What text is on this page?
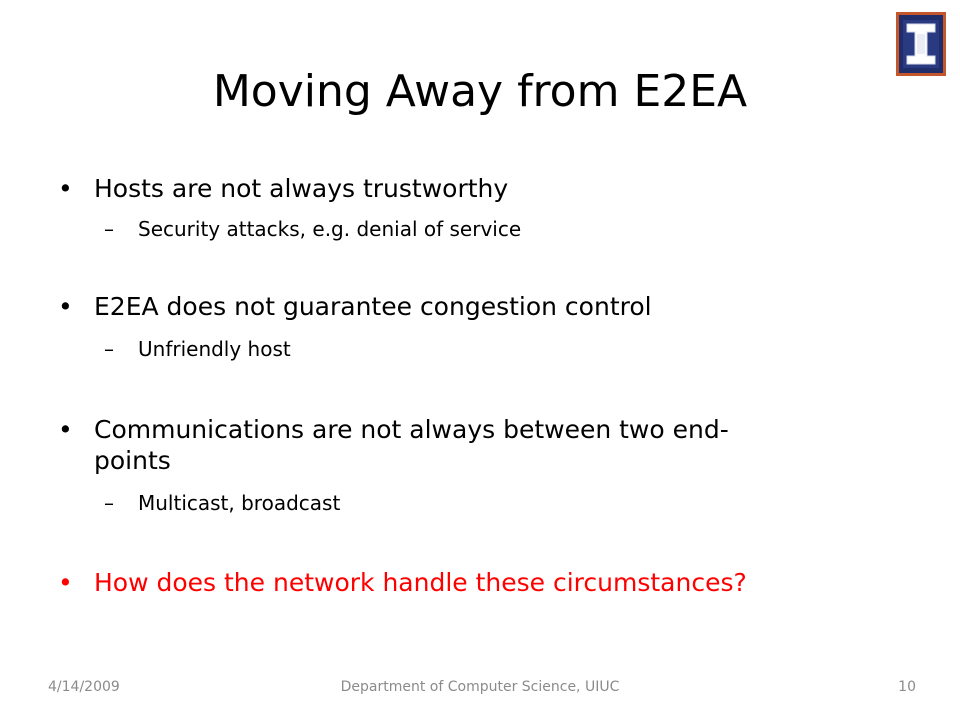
Moving Away from E2EA
• Hosts are not always trustworthy
– Security attacks, e.g. denial of service
• E2EA does not guarantee congestion control
– Unfriendly host
• Communications are not always between two end-
points
– Multicast, broadcast
• How does the network handle these circumstances?
4/14/2009	Department of Computer Science, UIUC	10
